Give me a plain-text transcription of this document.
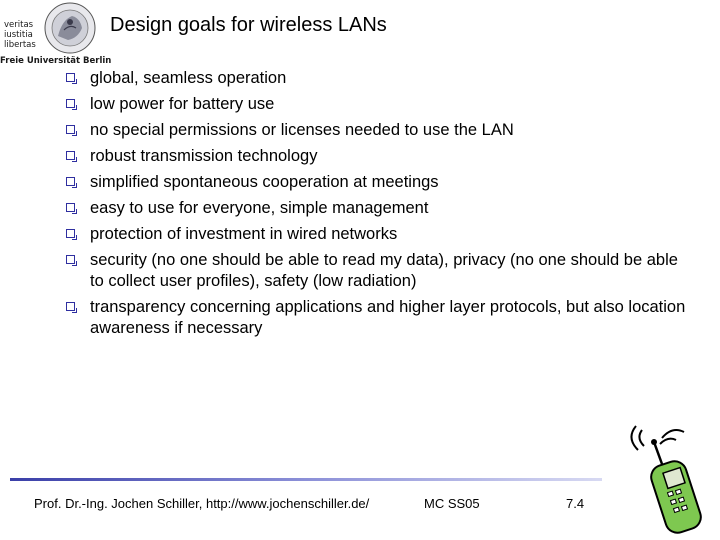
veritas
iustitia
libertas
Freie Universität Berlin
Design goals for wireless LANs
global, seamless operation
low power for battery use
no special permissions or licenses needed to use the LAN
robust transmission technology
simplified spontaneous cooperation at meetings
easy to use for everyone, simple management
protection of investment in wired networks
security (no one should be able to read my data), privacy (no one should be able to collect user profiles), safety (low radiation)
transparency concerning applications and higher layer protocols, but also location awareness if necessary
Prof. Dr.-Ing. Jochen Schiller, http://www.jochenschiller.de/	MC SS05	7.4
